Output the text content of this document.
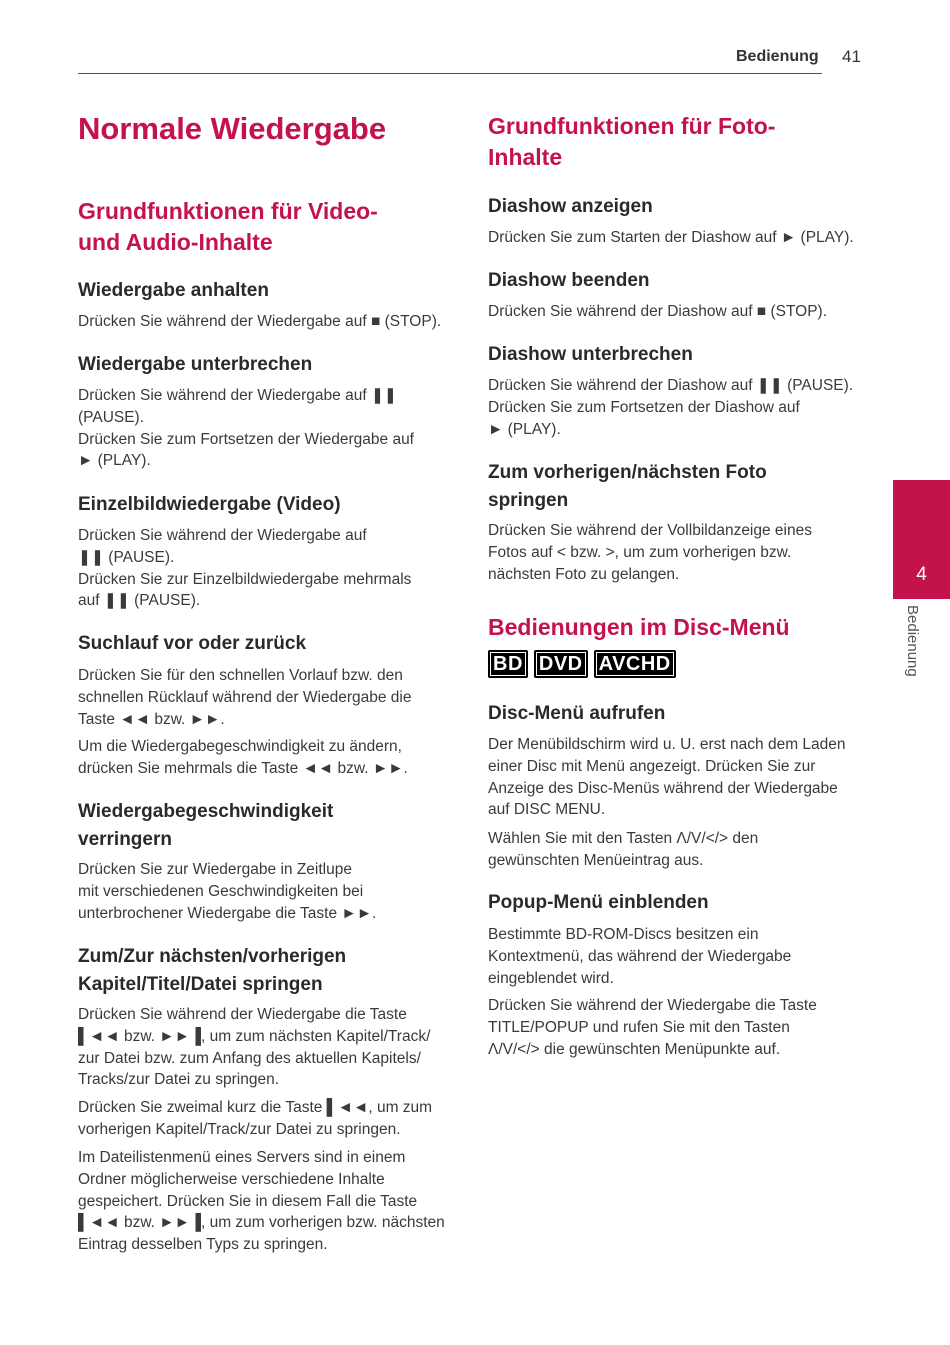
Bedienung 41
4
Bedienung
Normale Wiedergabe
Grundfunktionen für Video-
und Audio-Inhalte
Wiedergabe anhalten

Drücken Sie während der Wiedergabe auf ■ (STOP).

Wiedergabe unterbrechen

Drücken Sie während der Wiedergabe auf ❚❚
(PAUSE).
Drücken Sie zum Fortsetzen der Wiedergabe auf
► (PLAY).

Einzelbildwiedergabe (Video)

Drücken Sie während der Wiedergabe auf
❚❚ (PAUSE).
Drücken Sie zur Einzelbildwiedergabe mehrmals
auf ❚❚ (PAUSE).

Suchlauf vor oder zurück

Drücken Sie für den schnellen Vorlauf bzw. den
schnellen Rücklauf während der Wiedergabe die
Taste ◄◄ bzw. ►►.

Um die Wiedergabegeschwindigkeit zu ändern,
drücken Sie mehrmals die Taste ◄◄ bzw. ►►.

Wiedergabegeschwindigkeit
verringern

Drücken Sie zur Wiedergabe in Zeitlupe
mit verschiedenen Geschwindigkeiten bei
unterbrochener Wiedergabe die Taste ►►.

Zum/Zur nächsten/vorherigen
Kapitel/Titel/Datei springen

Drücken Sie während der Wiedergabe die Taste
▌◄◄ bzw. ►►▐, um zum nächsten Kapitel/Track/
zur Datei bzw. zum Anfang des aktuellen Kapitels/
Tracks/zur Datei zu springen.

Drücken Sie zweimal kurz die Taste ▌◄◄, um zum
vorherigen Kapitel/Track/zur Datei zu springen.

Im Dateilistenmenü eines Servers sind in einem
Ordner möglicherweise verschiedene Inhalte
gespeichert. Drücken Sie in diesem Fall die Taste
▌◄◄ bzw. ►►▐, um zum vorherigen bzw. nächsten
Eintrag desselben Typs zu springen.

Grundfunktionen für Foto-
Inhalte
Diashow anzeigen

Drücken Sie zum Starten der Diashow auf ► (PLAY).

Diashow beenden

Drücken Sie während der Diashow auf ■ (STOP).

Diashow unterbrechen

Drücken Sie während der Diashow auf ❚❚ (PAUSE).
Drücken Sie zum Fortsetzen der Diashow auf
► (PLAY).

Zum vorherigen/nächsten Foto
springen

Drücken Sie während der Vollbildanzeige eines
Fotos auf < bzw. >, um zum vorherigen bzw.
nächsten Foto zu gelangen.

Bedienungen im Disc-Menü
BD DVD AVCHD
Disc-Menü aufrufen

Der Menübildschirm wird u. U. erst nach dem Laden
einer Disc mit Menü angezeigt. Drücken Sie zur
Anzeige des Disc-Menüs während der Wiedergabe
auf DISC MENU.

Wählen Sie mit den Tasten Λ/V/</> den
gewünschten Menüeintrag aus.

Popup-Menü einblenden

Bestimmte BD-ROM-Discs besitzen ein
Kontextmenü, das während der Wiedergabe
eingeblendet wird.

Drücken Sie während der Wiedergabe die Taste
TITLE/POPUP und rufen Sie mit den Tasten
Λ/V/</> die gewünschten Menüpunkte auf.
